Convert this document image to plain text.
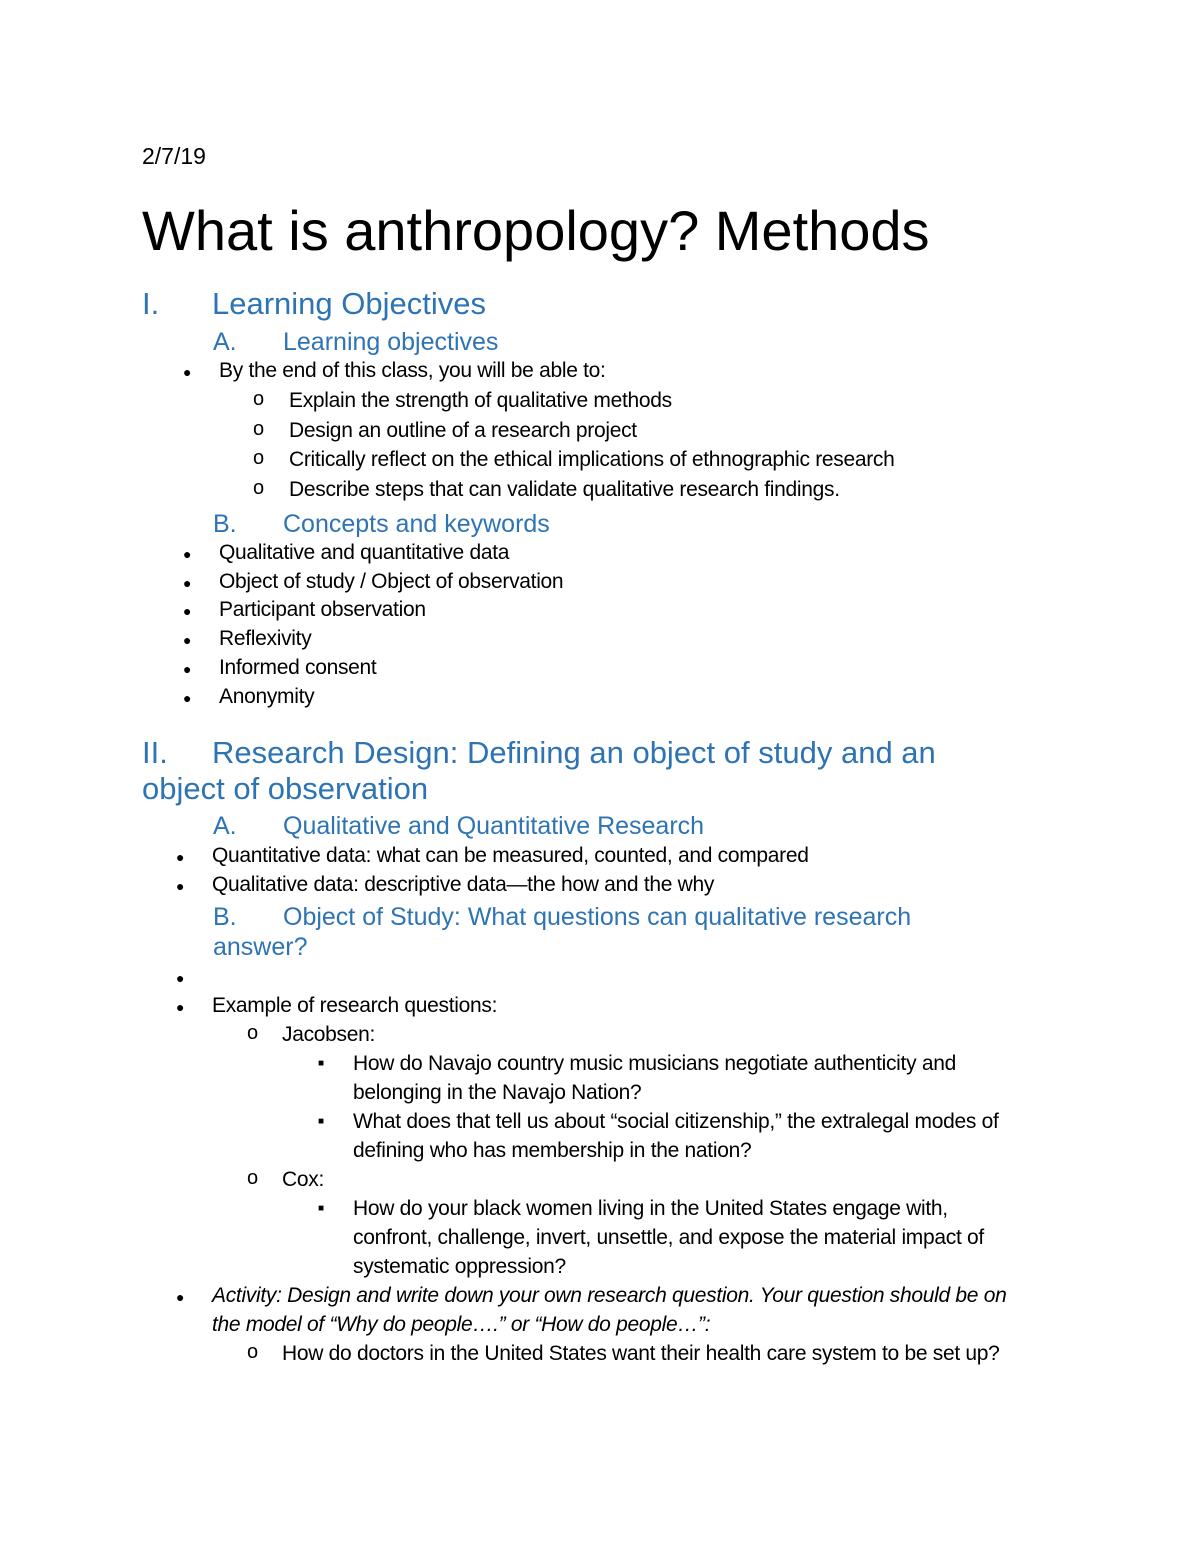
2/7/19
What is anthropology? Methods
I. Learning Objectives
A. Learning objectives
● By the end of this class, you will be able to:
o Explain the strength of qualitative methods
o Design an outline of a research project
o Critically reflect on the ethical implications of ethnographic research
o Describe steps that can validate qualitative research findings.
B. Concepts and keywords
● Qualitative and quantitative data
● Object of study / Object of observation
● Participant observation
● Reflexivity
● Informed consent
● Anonymity
II. Research Design: Defining an object of study and an
object of observation
A. Qualitative and Quantitative Research
● Quantitative data: what can be measured, counted, and compared
● Qualitative data: descriptive data—the how and the why
B. Object of Study: What questions can qualitative research
answer?
●
● Example of research questions:
o Jacobsen:
■ How do Navajo country music musicians negotiate authenticity and
belonging in the Navajo Nation?
■ What does that tell us about “social citizenship,” the extralegal modes of
defining who has membership in the nation?
o Cox:
■ How do your black women living in the United States engage with,
confront, challenge, invert, unsettle, and expose the material impact of
systematic oppression?
● Activity: Design and write down your own research question. Your question should be on
the model of “Why do people….” or “How do people…”:
o How do doctors in the United States want their health care system to be set up?
